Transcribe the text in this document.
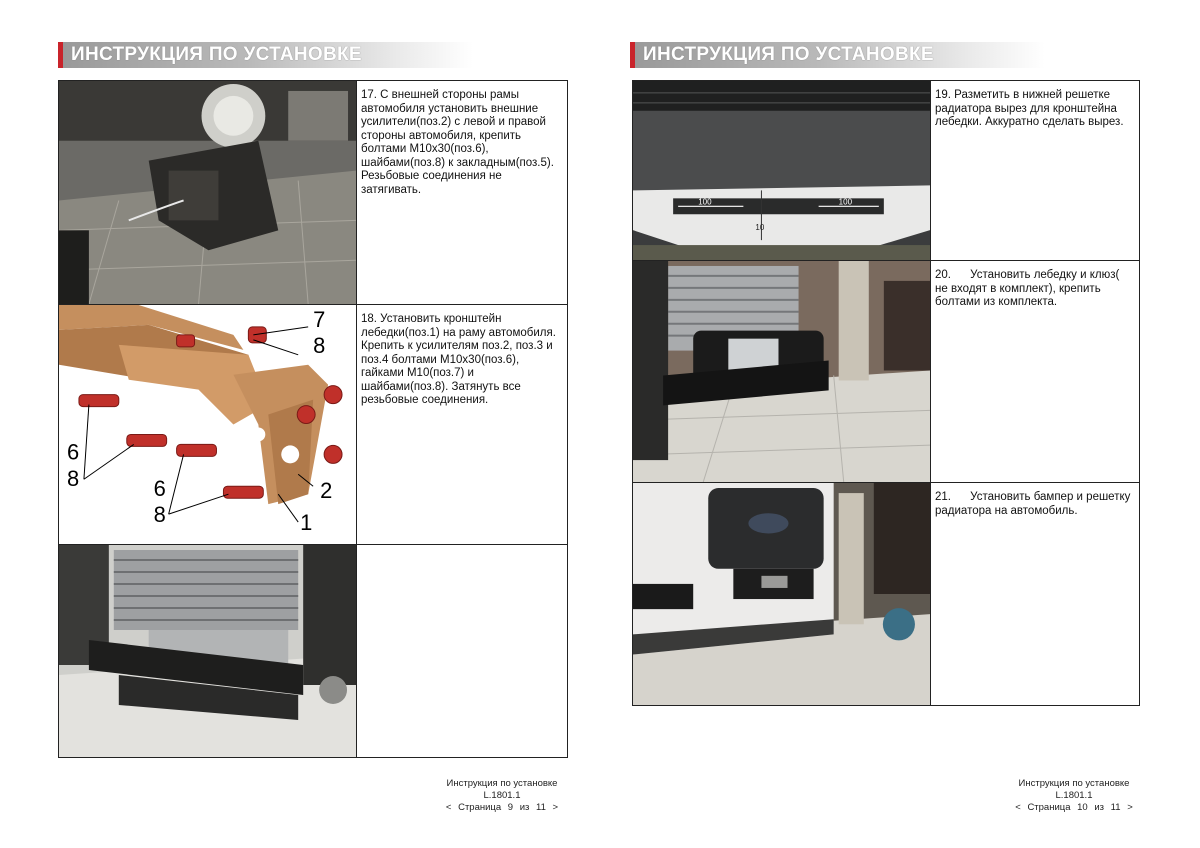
ИНСТРУКЦИЯ ПО УСТАНОВКЕ
17. С внешней стороны рамы автомобиля установить внешние усилители(поз.2) с левой и правой стороны автомобиля, крепить болтами М10х30(поз.6), шайбами(поз.8) к закладным(поз.5). Резьбовые соединения не затягивать.
7
8
6
8	6
8
2
1
18. Установить кронштейн лебедки(поз.1) на раму автомобиля. Крепить к усилителям поз.2, поз.3 и поз.4 болтами М10х30(поз.6), гайками М10(поз.7) и шайбами(поз.8). Затянуть все резьбовые соединения.
Инструкция по установке L.1801.1
< Страница 9 из 11 >
ИНСТРУКЦИЯ ПО УСТАНОВКЕ
100	100
10
19. Разметить в нижней решетке радиатора вырез для кронштейна лебедки. Аккуратно сделать вырез.
20.      Установить лебедку и клюз( не входят в комплект), крепить болтами из комплекта.
21.      Установить бампер и решетку радиатора на автомобиль.
Инструкция по установке L.1801.1
< Страница 10 из 11 >
